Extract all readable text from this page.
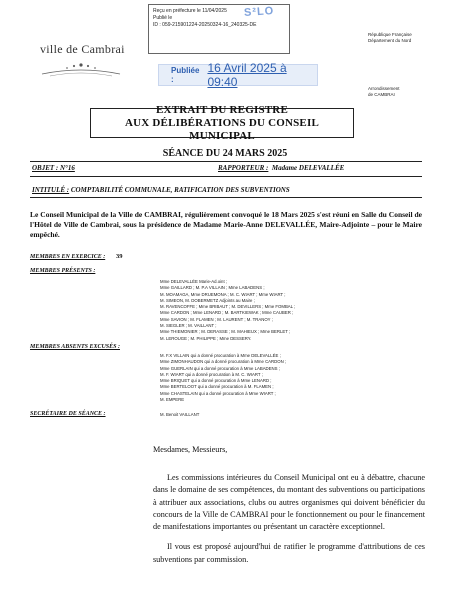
Reçu en préfecture le 11/04/2025
Publié le
ID : 059-215901224-20250324-16_240325-DE
S²LO
République Française
Département du Nord
ville de Cambrai
Publiée :
16 Avril 2025 à 09:40	Arrondissement
de CAMBRAI
EXTRAIT DU REGISTRE
AUX DÉLIBÉRATIONS DU CONSEIL MUNICIPAL
SÉANCE DU 24 MARS 2025
OBJET : N°16	RAPPORTEUR : Madame DELEVALLÉE
INTITULÉ : COMPTABILITÉ COMMUNALE, RATIFICATION DES SUBVENTIONS
Le Conseil Municipal de la Ville de CAMBRAI, régulièrement convoqué le 18 Mars 2025 s'est réuni en Salle du Conseil de l'Hôtel de Ville de Cambrai, sous la présidence de Madame Marie-Anne DELEVALLÉE, Maire-Adjointe – pour le Maire empêché.
MEMBRES EN EXERCICE : 39
MEMBRES PRÉSENTS :
Mme DELEVALLÉE Marie-Ad.oint ;
Mme GAILLARD ; M. P.A VILLAIN ; Mme LABADENS ;
M. MOAMAGA, Mme DRUEMONA ; M. C. WIART ; Mme WIART ;
M. SIMEON, M. DOBERMETZ Adjoints au Maire ;
M. RAVENCOFFE ; Mme BRIBAUT ; M. DEVILLERS ; Mme FOMBAL ;
Mme CARDON ; Mme LENARD ; M. BARTKIEWAK ; Mme CAUBER ;
Mme SAVION ; M. FLAMEN ; M. LAURENT ; M. TRANOY ;
M. SIEGLER ; M. VAILLANT ;
Mme THIEMONIER ; M. DERASSE ; M. MAHIEUX ; Mme BERLET ;
M. LEROUGE ; M. PHILIPPE ; Mme DESSERY.
MEMBRES ABSENTS EXCUSÉS :
M. F.X VILLAIN qui a donné procuration à Mme DELEVALLÉE ;
Mme ZIMONHAUDON qui a donné procuration à Mme CARDON ;
Mme GUERLAIN qui a donné procuration à Mme LABADENS ;
M. F. WIART qui a donné procuration à M. C. WIART ;
Mme BRIQUET qui a donné procuration à Mme LENARD ;
Mme BERTELOOT qui a donné procuration à M. FLAMEN ;
Mme CHASTELAIN qui a donné procuration à Mme WIART ;
M. EMPERE
SECRÉTAIRE DE SÉANCE :	M. Benoit VAILLANT
Mesdames, Messieurs,

Les commissions intérieures du Conseil Municipal ont eu à débattre, chacune dans le domaine de ses compétences, du montant des subventions ou participations à attribuer aux associations, clubs ou autres organismes qui doivent bénéficier du concours de la Ville de CAMBRAI pour le fonctionnement ou pour le financement de manifestations importantes ou présentant un caractère exceptionnel.

Il vous est proposé aujourd'hui de ratifier le programme d'attributions de ces subventions par commission.
